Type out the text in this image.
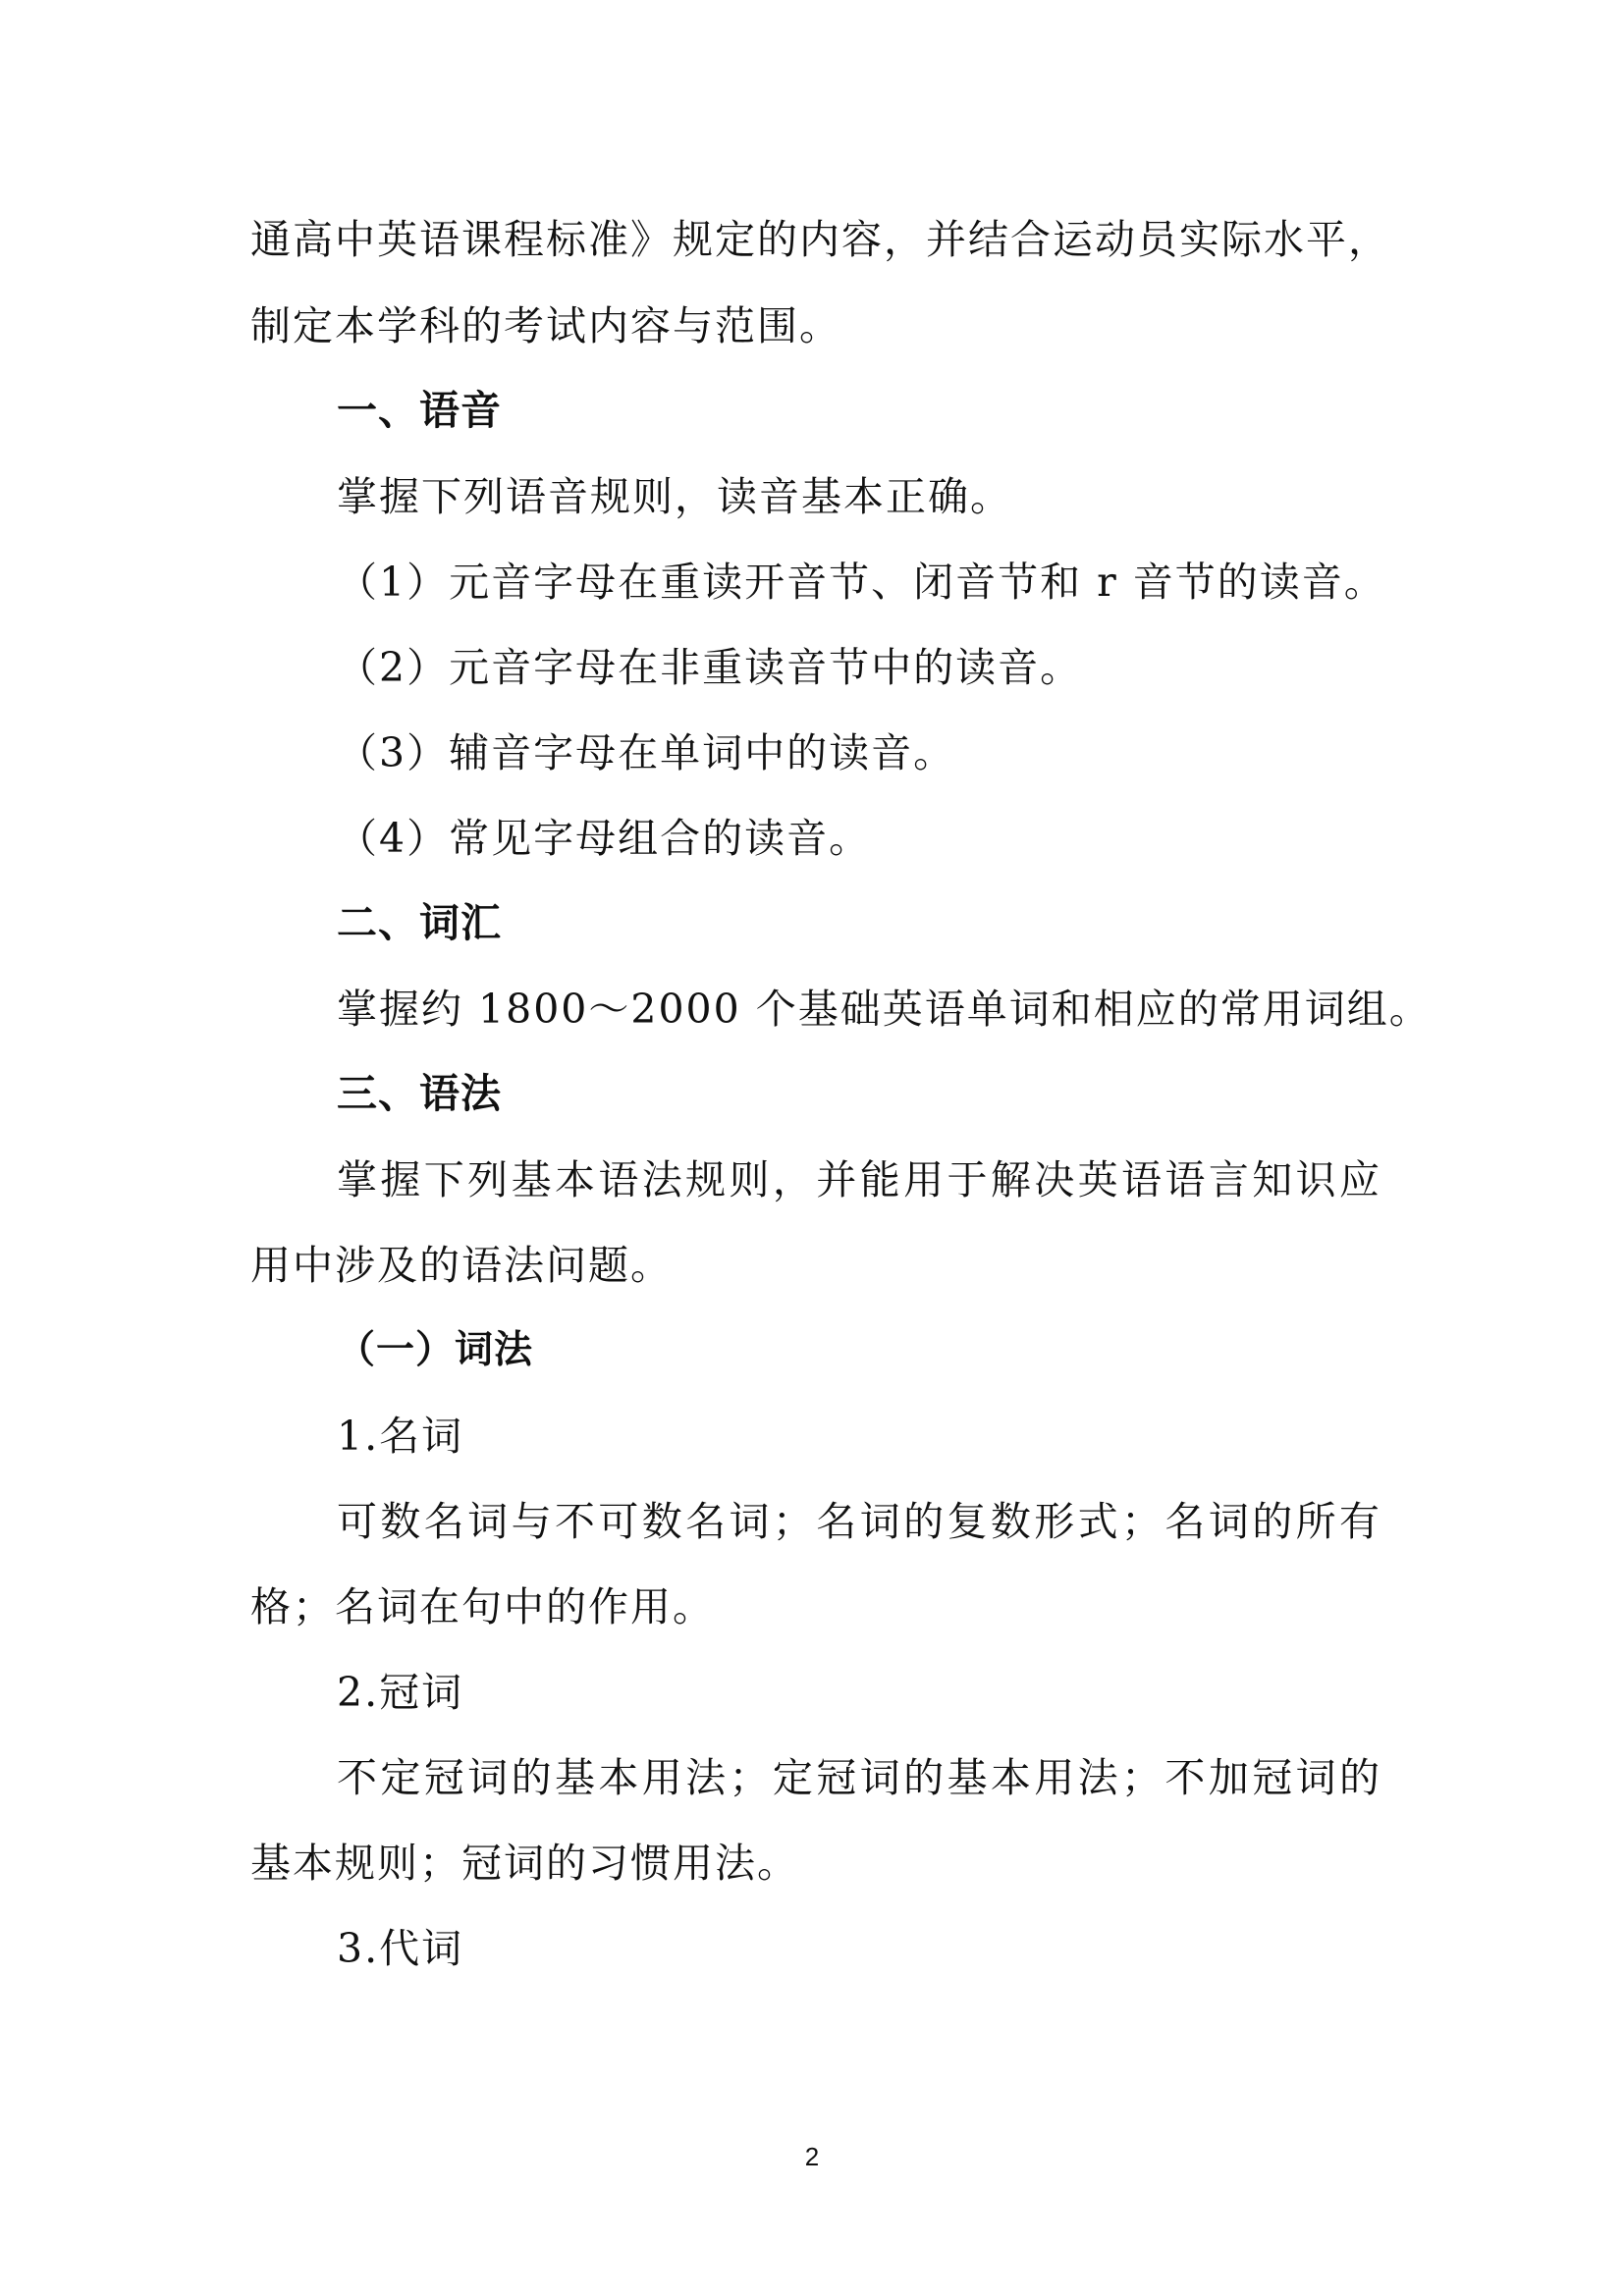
通高中英语课程标准》规定的内容，并结合运动员实际水平，
制定本学科的考试内容与范围。
一、语音
掌握下列语音规则，读音基本正确。
（1）元音字母在重读开音节、闭音节和 r 音节的读音。
（2）元音字母在非重读音节中的读音。
（3）辅音字母在单词中的读音。
（4）常见字母组合的读音。
二、词汇
掌握约 1800～2000 个基础英语单词和相应的常用词组。
三、语法
掌握下列基本语法规则，并能用于解决英语语言知识应
用中涉及的语法问题。
（一）词法
1.名词
可数名词与不可数名词；名词的复数形式；名词的所有
格；名词在句中的作用。
2.冠词
不定冠词的基本用法；定冠词的基本用法；不加冠词的
基本规则；冠词的习惯用法。
3.代词
2
